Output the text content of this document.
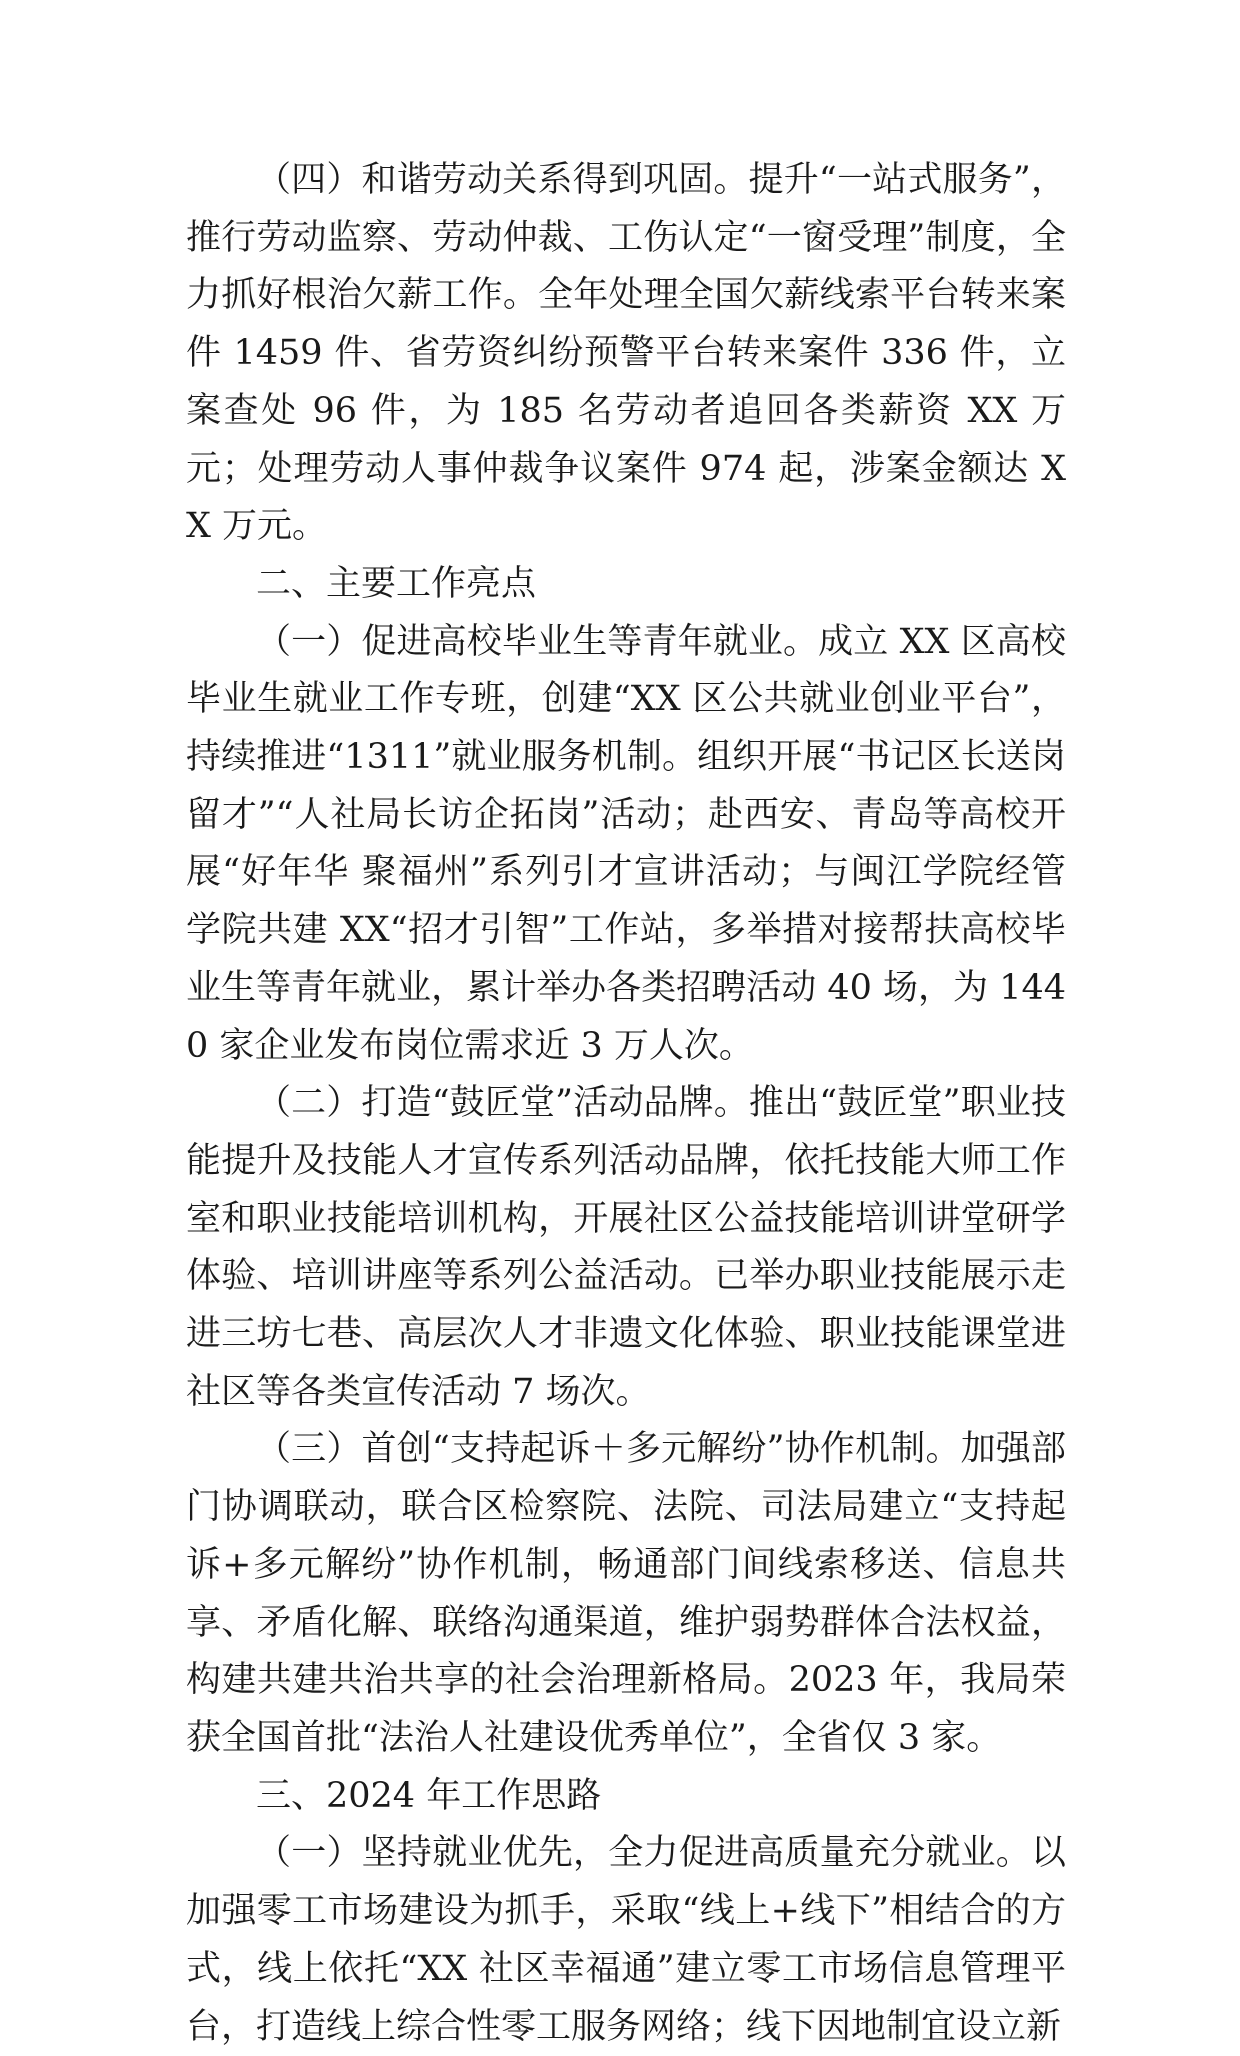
（四）和谐劳动关系得到巩固。提升“一站式服务”，推行劳动监察、劳动仲裁、工伤认定“一窗受理”制度，全力抓好根治欠薪工作。全年处理全国欠薪线索平台转来案件 1459 件、省劳资纠纷预警平台转来案件 336 件，立案查处 96 件，为 185 名劳动者追回各类薪资 XX 万元；处理劳动人事仲裁争议案件 974 起，涉案金额达 XX 万元。

二、主要工作亮点

（一）促进高校毕业生等青年就业。成立 XX 区高校毕业生就业工作专班，创建“XX 区公共就业创业平台”，持续推进“1311”就业服务机制。组织开展“书记区长送岗留才”“人社局长访企拓岗”活动；赴西安、青岛等高校开展“好年华 聚福州”系列引才宣讲活动；与闽江学院经管学院共建 XX“招才引智”工作站，多举措对接帮扶高校毕业生等青年就业，累计举办各类招聘活动 40 场，为 1440 家企业发布岗位需求近 3 万人次。

（二）打造“鼓匠堂”活动品牌。推出“鼓匠堂”职业技能提升及技能人才宣传系列活动品牌，依托技能大师工作室和职业技能培训机构，开展社区公益技能培训讲堂研学体验、培训讲座等系列公益活动。已举办职业技能展示走进三坊七巷、高层次人才非遗文化体验、职业技能课堂进社区等各类宣传活动 7 场次。

（三）首创“支持起诉＋多元解纷”协作机制。加强部门协调联动，联合区检察院、法院、司法局建立“支持起诉+多元解纷”协作机制，畅通部门间线索移送、信息共享、矛盾化解、联络沟通渠道，维护弱势群体合法权益，构建共建共治共享的社会治理新格局。2023 年，我局荣获全国首批“法治人社建设优秀单位”，全省仅 3 家。

三、2024 年工作思路

（一）坚持就业优先，全力促进高质量充分就业。以加强零工市场建设为抓手，采取“线上+线下”相结合的方式，线上依托“XX 社区幸福通”建立零工市场信息管理平台，打造线上综合性零工服务网络；线下因地制宜设立新
